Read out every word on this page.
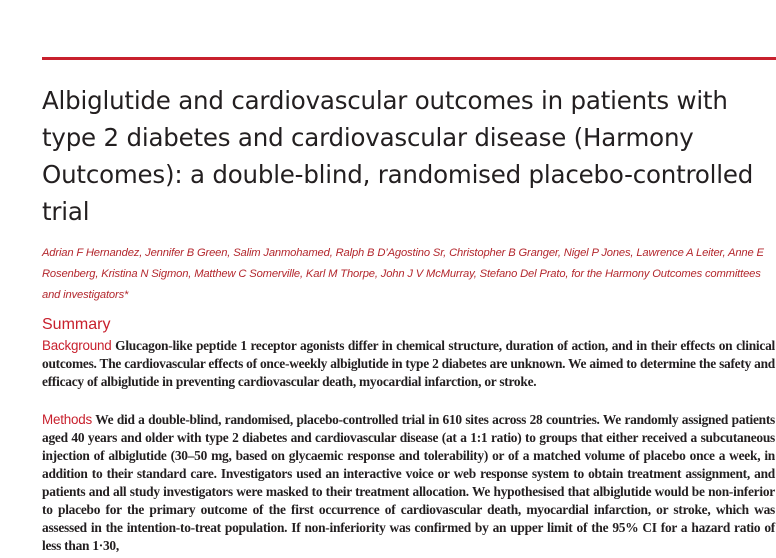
Albiglutide and cardiovascular outcomes in patients with type 2 diabetes and cardiovascular disease (Harmony Outcomes): a double-blind, randomised placebo-controlled trial

Adrian F Hernandez, Jennifer B Green, Salim Janmohamed, Ralph B D’Agostino Sr, Christopher B Granger, Nigel P Jones, Lawrence A Leiter, Anne E Rosenberg, Kristina N Sigmon, Matthew C Somerville, Karl M Thorpe, John J V McMurray, Stefano Del Prato, for the Harmony Outcomes committees and investigators*

Summary

Background Glucagon-like peptide 1 receptor agonists differ in chemical structure, duration of action, and in their effects on clinical outcomes. The cardiovascular effects of once-weekly albiglutide in type 2 diabetes are unknown. We aimed to determine the safety and efficacy of albiglutide in preventing cardiovascular death, myocardial infarction, or stroke.

Methods We did a double-blind, randomised, placebo-controlled trial in 610 sites across 28 countries. We randomly assigned patients aged 40 years and older with type 2 diabetes and cardiovascular disease (at a 1:1 ratio) to groups that either received a subcutaneous injection of albiglutide (30–50 mg, based on glycaemic response and tolerability) or of a matched volume of placebo once a week, in addition to their standard care. Investigators used an interactive voice or web response system to obtain treatment assignment, and patients and all study investigators were masked to their treatment allocation. We hypothesised that albiglutide would be non-inferior to placebo for the primary outcome of the first occurrence of cardiovascular death, myocardial infarction, or stroke, which was assessed in the intention-to-treat population. If non-inferiority was confirmed by an upper limit of the 95% CI for a hazard ratio of less than 1·30,
